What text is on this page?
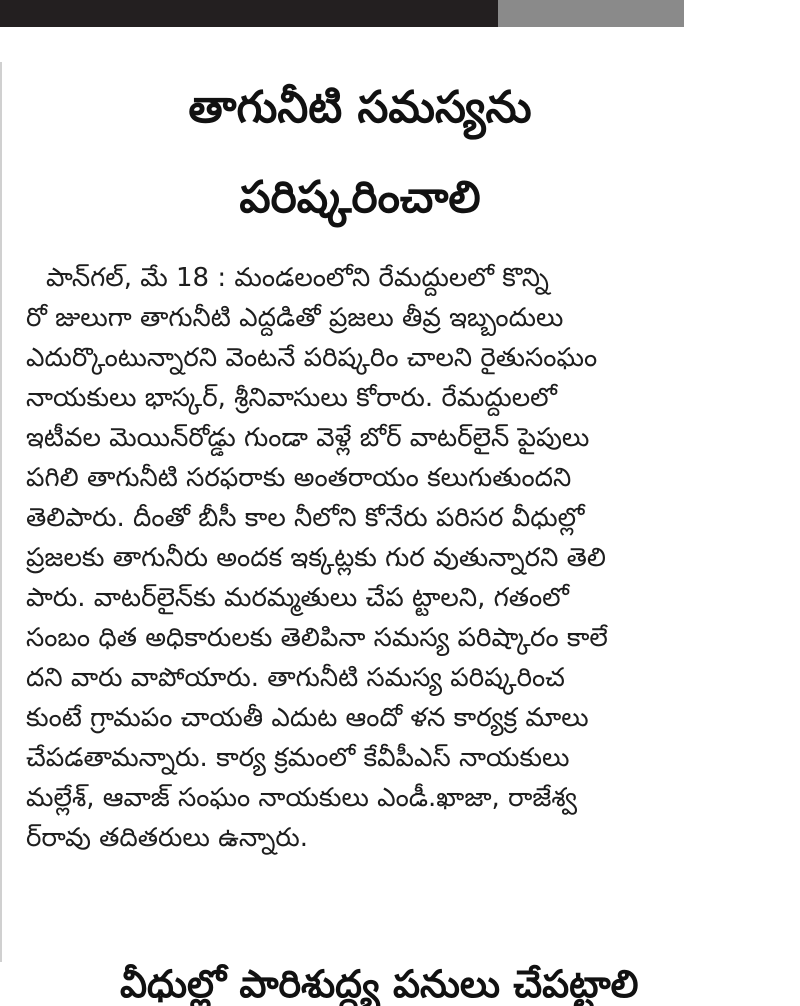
తాగునీటి సమస్యను
పరిష్కరించాలి
పాన్‌గల్, మే 18 : మండలంలోని రేమద్దులలో కొన్ని
రో జులుగా తాగునీటి ఎద్దడితో ప్రజలు తీవ్ర ఇబ్బందులు
ఎదుర్కొంటున్నారని వెంటనే పరిష్కరిం చాలని రైతుసంఘం
నాయకులు భాస్కర్, శ్రీనివాసులు కోరారు. రేమద్దులలో
ఇటీవల మెయిన్‌రోడ్డు గుండా వెళ్లే బోర్ వాటర్‌లైన్ పైపులు
పగిలి తాగునీటి సరఫరాకు అంతరాయం కలుగుతుందని
తెలిపారు. దీంతో బీసీ కాల నీలోని కోనేరు పరిసర వీధుల్లో
ప్రజలకు తాగునీరు అందక ఇక్కట్లకు గుర వుతున్నారని తెలి
పారు. వాటర్‌లైన్‌కు మరమ్మతులు చేప ట్టాలని, గతంలో
సంబం ధిత అధికారులకు తెలిపినా సమస్య పరిష్కారం కాలే
దని వారు వాపోయారు. తాగునీటి సమస్య పరిష్కరించ
కుంటే గ్రామపం చాయతీ ఎదుట ఆందో ళన కార్యక్ర మాలు
చేపడతామన్నారు. కార్య క్రమంలో కేవీపీఎస్ నాయకులు
మల్లేశ్, ఆవాజ్ సంఘం నాయకులు ఎండీ.ఖాజా, రాజేశ్వ
ర్‌రావు తదితరులు ఉన్నారు.
వీధుల్లో పారిశుద్ధ్య పనులు చేపట్టాలి
